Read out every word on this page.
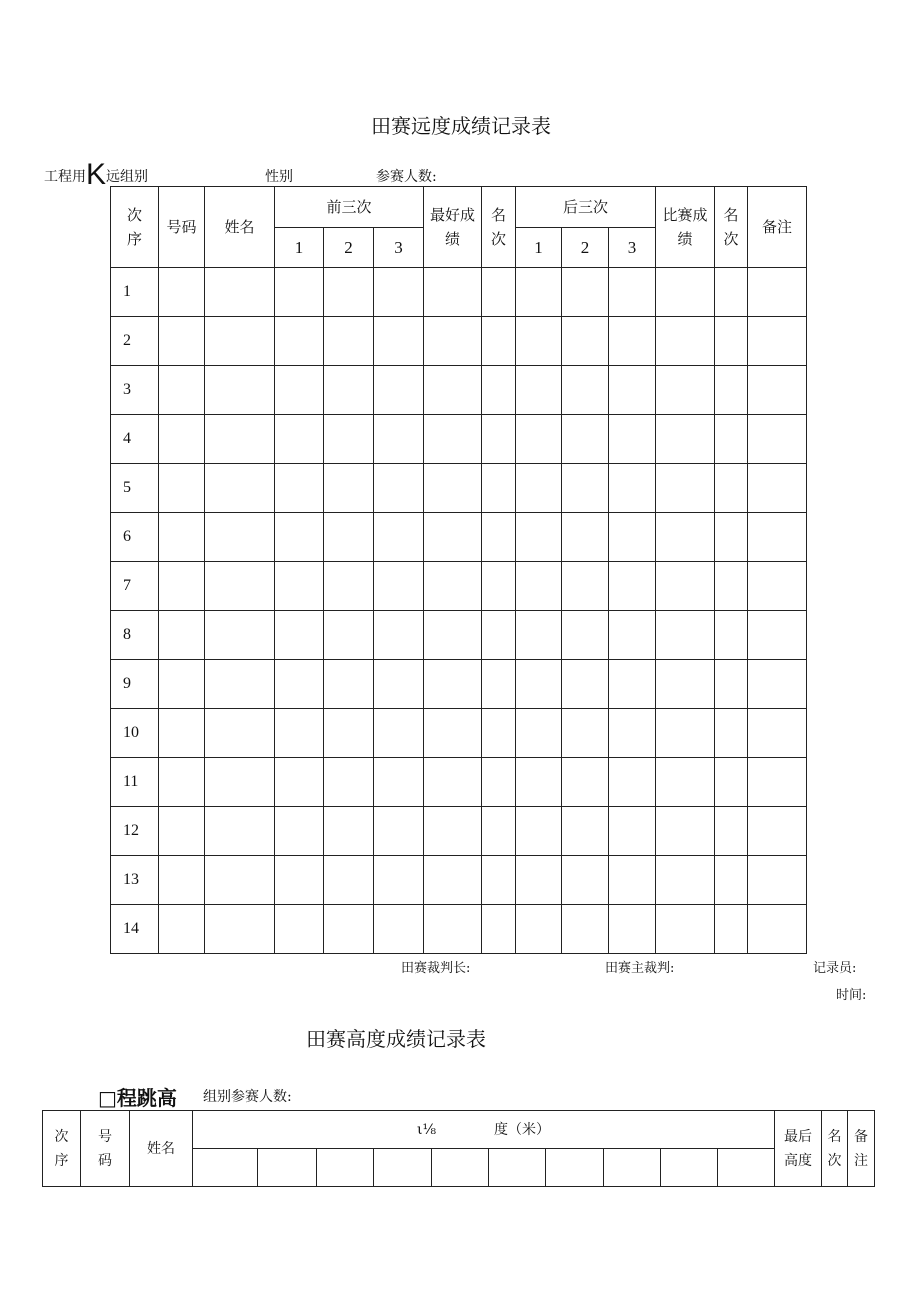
田赛远度成绩记录表
工程用K远组别	性别	参赛人数:
次序	号码	姓名	前三次			最好成绩	名次	后三次			比赛成绩	名次	备注
			1	2	3			1	2	3			
1													
2													
3													
4													
5													
6													
7													
8													
9													
10													
11													
12													
13													
14													
田赛裁判长:	田赛主裁判:	记录员:
时间:
田赛高度成绩记录表
□程跳高 组别参赛人数:
次序	号码	姓名	ι⅛ 度（米）										最后高度	名次	备注
